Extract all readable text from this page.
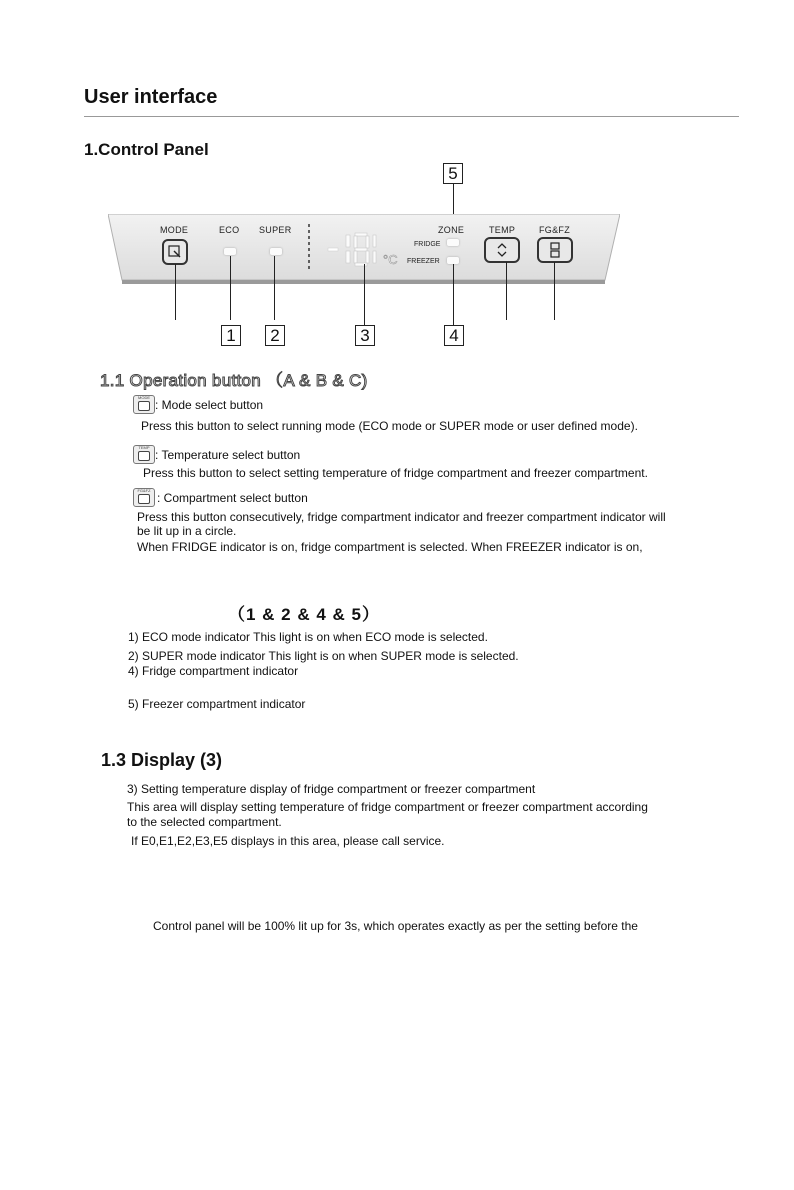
User interface
1.Control Panel
5
MODE	ECO SUPER
°C
ZONE
FRIDGE
FREEZER
TEMP	FG&FZ
1	2	3	4
1.1 Operation button （A & B & C)
MODE
: Mode select button
Press this button to select running mode (ECO mode or SUPER mode or user defined mode).
TEMP
: Temperature select button
Press this button to select setting temperature of fridge compartment and freezer compartment.
FG&FZ
: Compartment select button
Press this button consecutively, fridge compartment indicator and freezer compartment indicator will
be lit up in a circle.
When FRIDGE indicator is on, fridge compartment is selected. When FREEZER indicator is on,
（1 & 2 & 4 & 5）
1) ECO mode indicator This light is on when ECO mode is selected.
2) SUPER mode indicator This light is on when SUPER mode is selected.
4) Fridge compartment indicator
5) Freezer compartment indicator
1.3 Display (3)
3) Setting temperature display of fridge compartment or freezer compartment
This area will display setting temperature of fridge compartment or freezer compartment according
to the selected compartment.
If E0,E1,E2,E3,E5 displays in this area, please call service.
Control panel will be 100% lit up for 3s, which operates exactly as per the setting before the
